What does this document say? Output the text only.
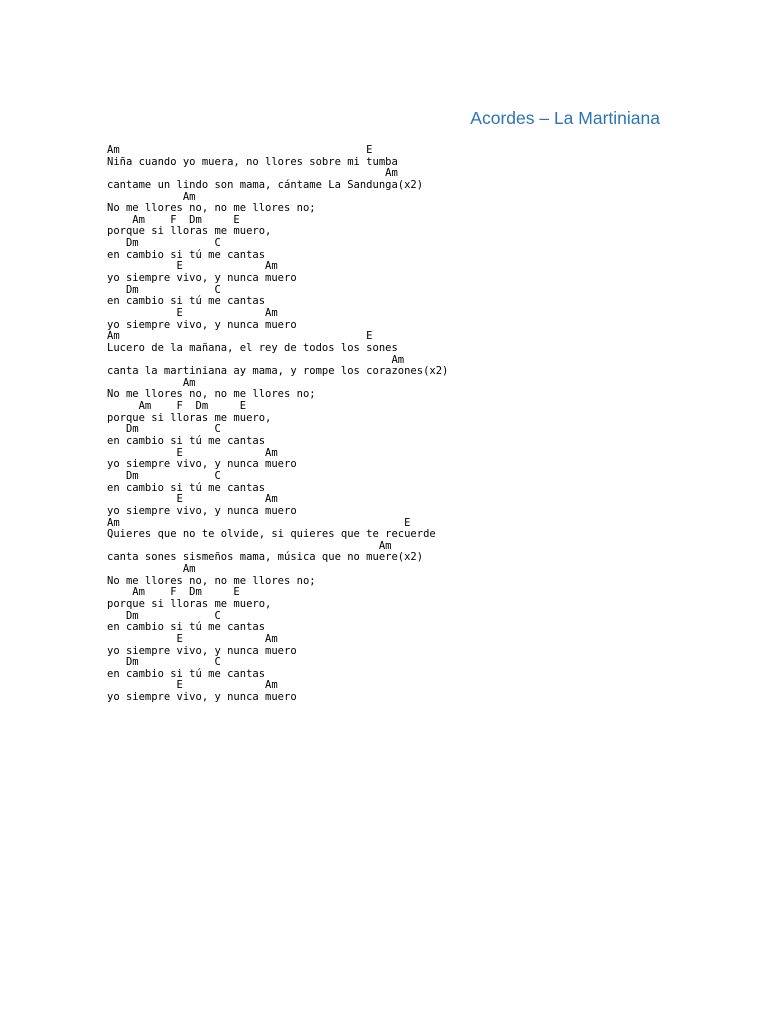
Acordes – La Martiniana
Am                                       E
Niña cuando yo muera, no llores sobre mi tumba
Am
cantame un lindo son mama, cántame La Sandunga(x2)
Am
No me llores no, no me llores no;
Am    F  Dm     E
porque si lloras me muero,
Dm            C
en cambio si tú me cantas
E             Am
yo siempre vivo, y nunca muero
Dm            C
en cambio si tú me cantas
E             Am
yo siempre vivo, y nunca muero
Am                                       E
Lucero de la mañana, el rey de todos los sones
Am
canta la martiniana ay mama, y rompe los corazones(x2)
Am
No me llores no, no me llores no;
Am    F  Dm     E
porque si lloras me muero,
Dm            C
en cambio si tú me cantas
E             Am
yo siempre vivo, y nunca muero
Dm            C
en cambio si tú me cantas
E             Am
yo siempre vivo, y nunca muero
Am                                             E
Quieres que no te olvide, si quieres que te recuerde
Am
canta sones sismeños mama, música que no muere(x2)
Am
No me llores no, no me llores no;
Am    F  Dm     E
porque si lloras me muero,
Dm            C
en cambio si tú me cantas
E             Am
yo siempre vivo, y nunca muero
Dm            C
en cambio si tú me cantas
E             Am
yo siempre vivo, y nunca muero
